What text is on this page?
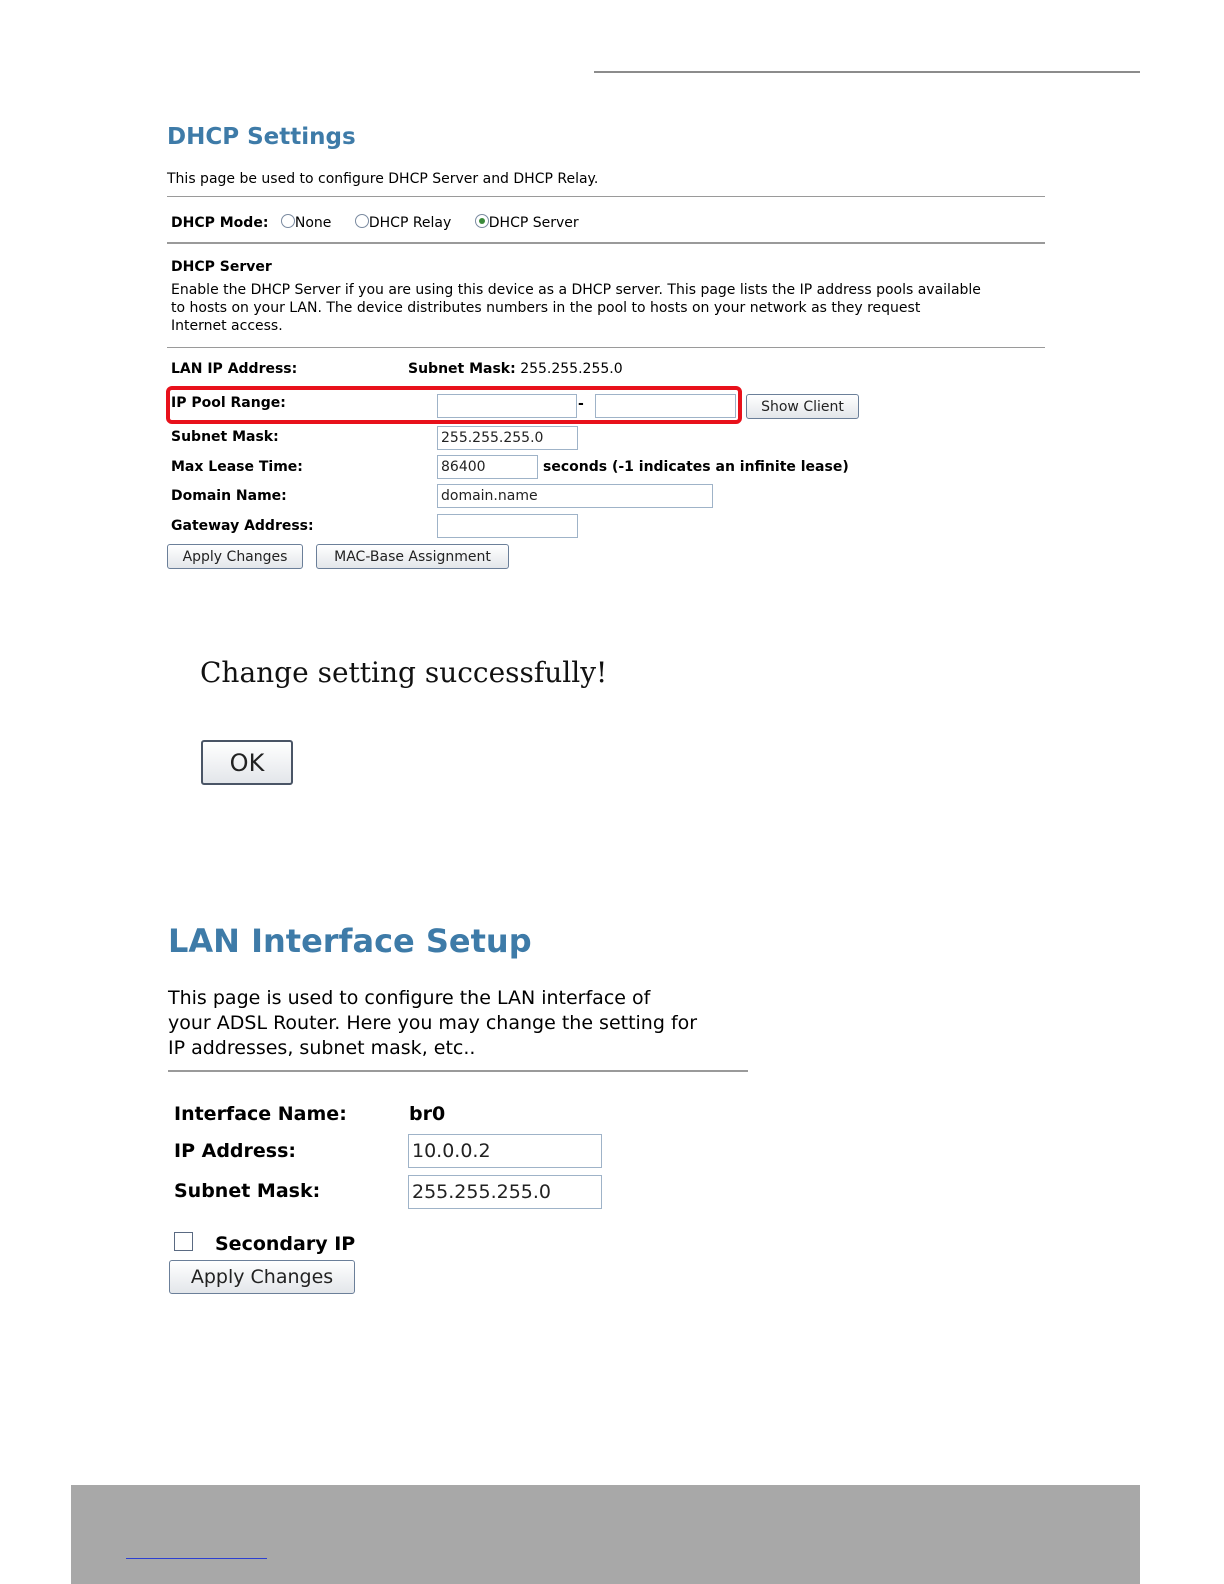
DHCP Settings
This page be used to configure DHCP Server and DHCP Relay.
DHCP Mode: None	DHCP Relay	DHCP Server
DHCP Server
Enable the DHCP Server if you are using this device as a DHCP server. This page lists the IP address pools available
to hosts on your LAN. The device distributes numbers in the pool to hosts on your network as they request
Internet access.
LAN IP Address:	Subnet Mask: 255.255.255.0
IP Pool Range:	-	Show Client
Subnet Mask:	255.255.255.0
Max Lease Time:	86400	seconds (-1 indicates an infinite lease)
Domain Name:	domain.name
Gateway Address:
Apply Changes	MAC-Base Assignment
Change setting successfully!
OK
LAN Interface Setup
This page is used to configure the LAN interface of
your ADSL Router. Here you may change the setting for
IP addresses, subnet mask, etc..
Interface Name:	br0
IP Address:	10.0.0.2
Subnet Mask:	255.255.255.0
Secondary IP
Apply Changes
